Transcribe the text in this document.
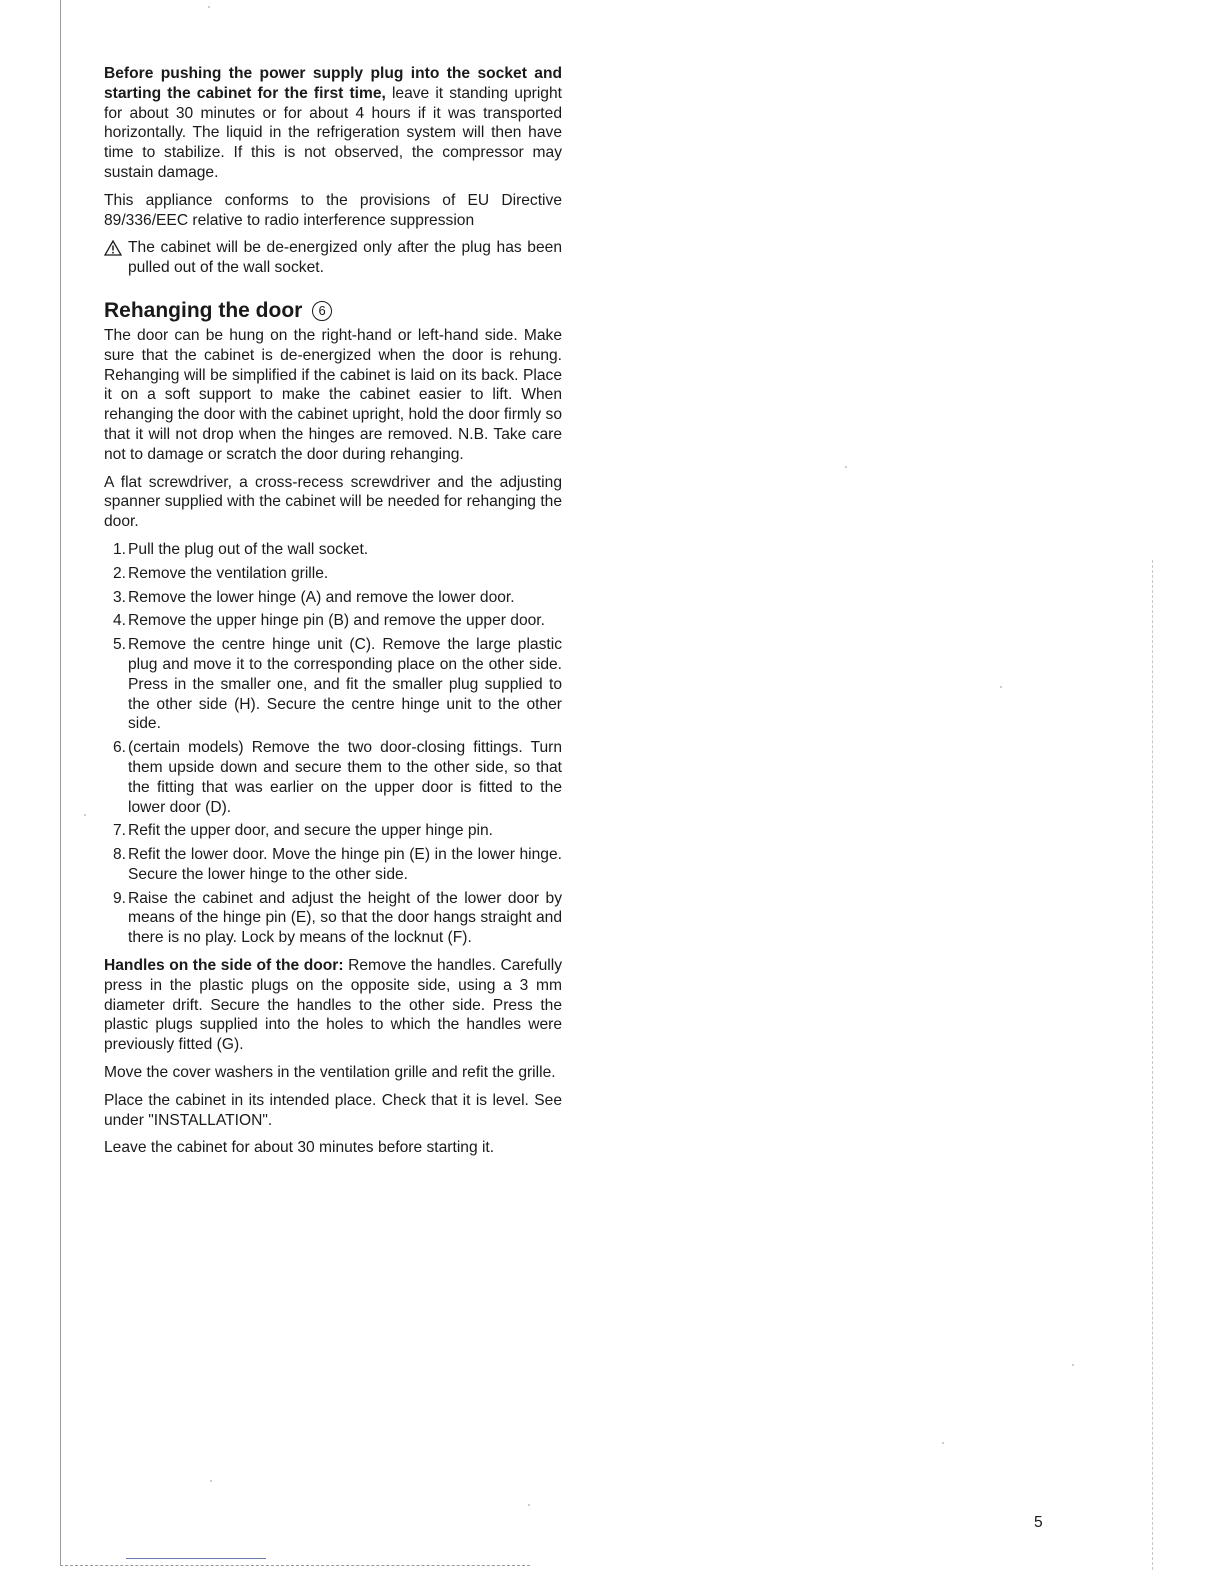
Before pushing the power supply plug into the socket and starting the cabinet for the first time, leave it standing upright for about 30 minutes or for about 4 hours if it was transported horizontally. The liquid in the refrigeration system will then have time to stabilize. If this is not observed, the compressor may sustain damage.

This appliance conforms to the provisions of EU Directive 89/336/EEC relative to radio interference suppression

The cabinet will be de-energized only after the plug has been pulled out of the wall socket.
Rehanging the door 6

The door can be hung on the right-hand or left-hand side. Make sure that the cabinet is de-energized when the door is rehung. Rehanging will be simplified if the cabinet is laid on its back. Place it on a soft support to make the cabinet easier to lift. When rehanging the door with the cabinet upright, hold the door firmly so that it will not drop when the hinges are removed. N.B. Take care not to damage or scratch the door during rehanging.

A flat screwdriver, a cross-recess screwdriver and the adjusting spanner supplied with the cabinet will be needed for rehanging the door.

1. Pull the plug out of the wall socket.
2. Remove the ventilation grille.
3. Remove the lower hinge (A) and remove the lower door.
4. Remove the upper hinge pin (B) and remove the upper door.
5. Remove the centre hinge unit (C). Remove the large plastic plug and move it to the corresponding place on the other side. Press in the smaller one, and fit the smaller plug supplied to the other side (H). Secure the centre hinge unit to the other side.
6. (certain models) Remove the two door-closing fittings. Turn them upside down and secure them to the other side, so that the fitting that was earlier on the upper door is fitted to the lower door (D).
7. Refit the upper door, and secure the upper hinge pin.
8. Refit the lower door. Move the hinge pin (E) in the lower hinge. Secure the lower hinge to the other side.
9. Raise the cabinet and adjust the height of the lower door by means of the hinge pin (E), so that the door hangs straight and there is no play. Lock by means of the locknut (F).

Handles on the side of the door: Remove the handles. Carefully press in the plastic plugs on the opposite side, using a 3 mm diameter drift. Secure the handles to the other side. Press the plastic plugs supplied into the holes to which the handles were previously fitted (G).

Move the cover washers in the ventilation grille and refit the grille.

Place the cabinet in its intended place. Check that it is level. See under "INSTALLATION".

Leave the cabinet for about 30 minutes before starting it.

5
